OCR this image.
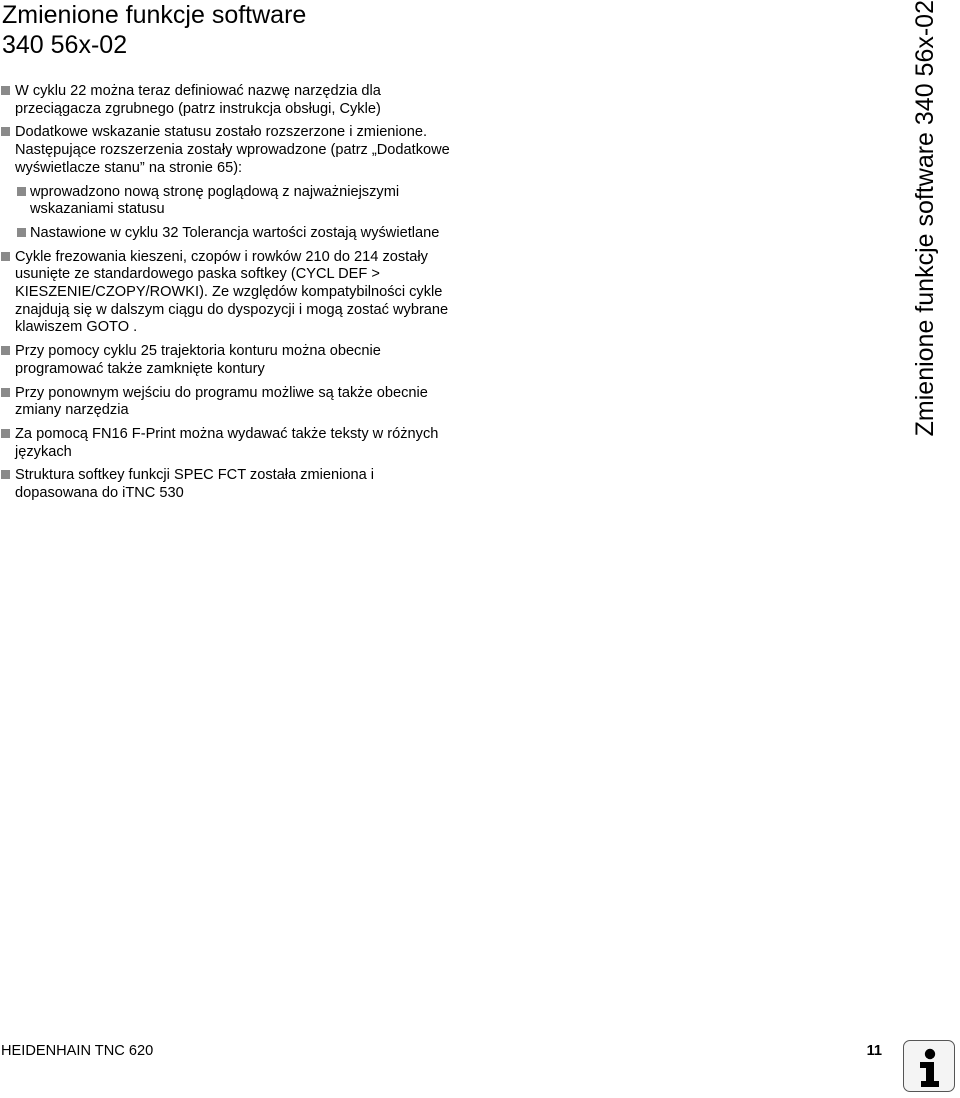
Zmienione funkcje software
340 56x-02
W cyklu 22 można teraz definiować nazwę narzędzia dla
przeciągacza zgrubnego (patrz instrukcja obsługi, Cykle)
Dodatkowe wskazanie statusu zostało rozszerzone i zmienione.
Następujące rozszerzenia zostały wprowadzone (patrz „Dodatkowe
wyświetlacze stanu” na stronie 65):
wprowadzono nową stronę poglądową z najważniejszymi
wskazaniami statusu
Nastawione w cyklu 32 Tolerancja wartości zostają wyświetlane
Cykle frezowania kieszeni, czopów i rowków 210 do 214 zostały
usunięte ze standardowego paska softkey (CYCL DEF >
KIESZENIE/CZOPY/ROWKI). Ze względów kompatybilności cykle
znajdują się w dalszym ciągu do dyspozycji i mogą zostać wybrane
klawiszem GOTO .
Przy pomocy cyklu 25 trajektoria konturu można obecnie
programować także zamknięte kontury
Przy ponownym wejściu do programu możliwe są także obecnie
zmiany narzędzia
Za pomocą FN16 F-Print można wydawać także teksty w różnych
językach
Struktura softkey funkcji SPEC FCT została zmieniona i
dopasowana do iTNC 530
Zmienione funkcje software 340 56x-02
HEIDENHAIN TNC 620	11
